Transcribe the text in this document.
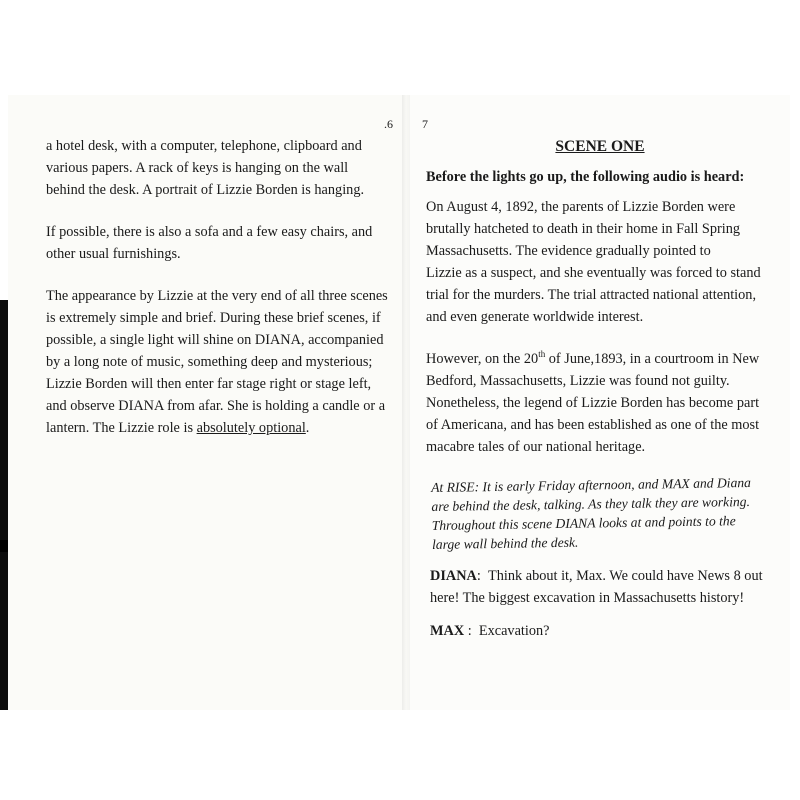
.6 7

a hotel desk, with a computer, telephone, clipboard and
various papers. A rack of keys is hanging on the wall
behind the desk. A portrait of Lizzie Borden is hanging.

If possible, there is also a sofa and a few easy chairs, and
other usual furnishings.

The appearance by Lizzie at the very end of all three scenes
is extremely simple and brief. During these brief scenes, if
possible, a single light will shine on DIANA, accompanied
by a long note of music, something deep and mysterious;
Lizzie Borden will then enter far stage right or stage left,
and observe DIANA from afar. She is holding a candle or a
lantern. The Lizzie role is absolutely optional.

SCENE ONE
Before the lights go up, the following audio is heard:

On August 4, 1892, the parents of Lizzie Borden were
brutally hatcheted to death in their home in Fall Spring
Massachusetts. The evidence gradually pointed to
Lizzie as a suspect, and she eventually was forced to stand
trial for the murders. The trial attracted national attention,
and even generate worldwide interest.

However, on the 20th of June,1893, in a courtroom in New
Bedford, Massachusetts, Lizzie was found not guilty.
Nonetheless, the legend of Lizzie Borden has become part
of Americana, and has been established as one of the most
macabre tales of our national heritage.

At RISE: It is early Friday afternoon, and MAX and Diana
are behind the desk, talking. As they talk they are working.
Throughout this scene DIANA looks at and points to the
large wall behind the desk.

DIANA: Think about it, Max. We could have News 8 out
here! The biggest excavation in Massachusetts history!

MAX : Excavation?
